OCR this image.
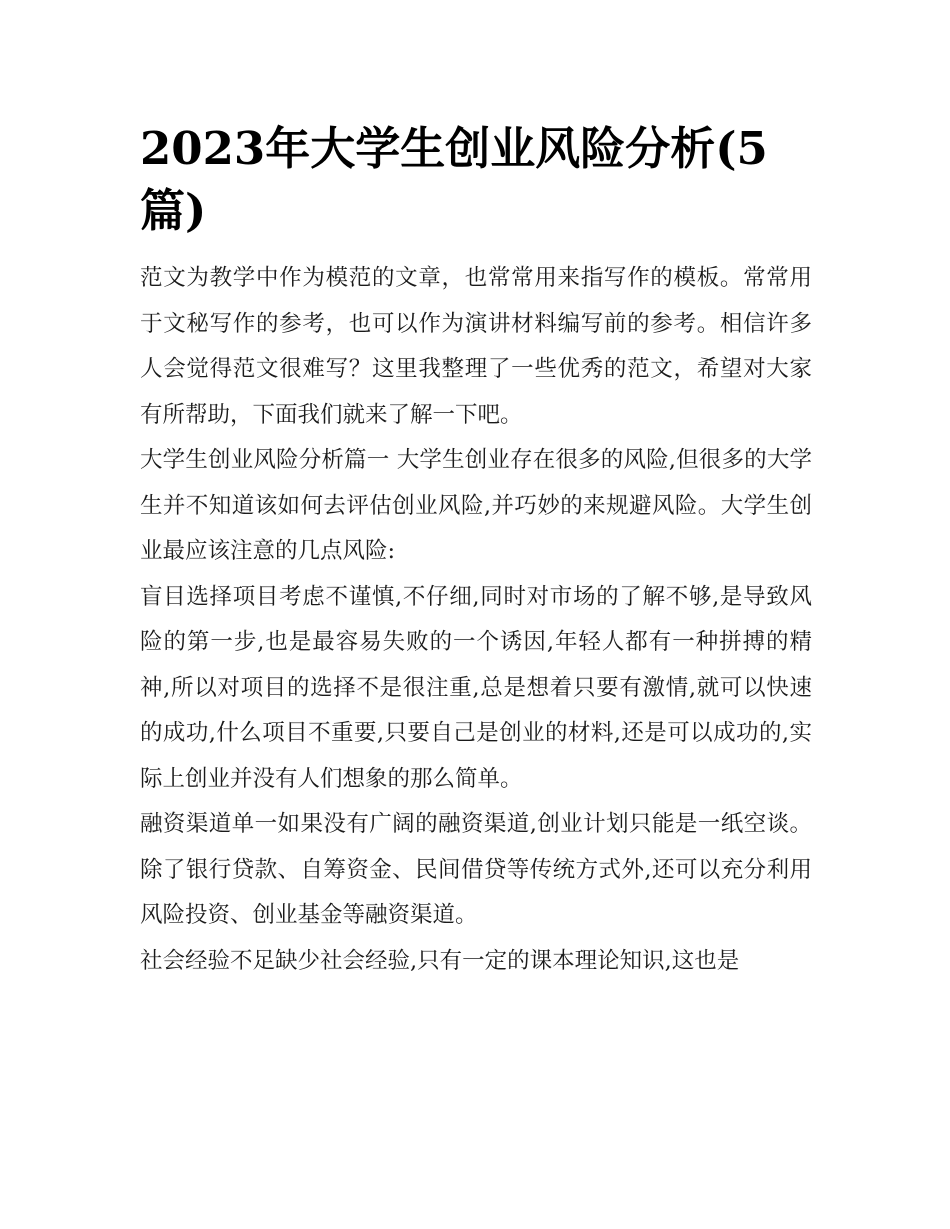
2023年大学生创业风险分析(5篇)

范文为教学中作为模范的文章，也常常用来指写作的模板。常常用于文秘写作的参考，也可以作为演讲材料编写前的参考。相信许多人会觉得范文很难写？这里我整理了一些优秀的范文，希望对大家有所帮助，下面我们就来了解一下吧。

大学生创业风险分析篇一 大学生创业存在很多的风险,但很多的大学生并不知道该如何去评估创业风险,并巧妙的来规避风险。大学生创业最应该注意的几点风险:

盲目选择项目考虑不谨慎,不仔细,同时对市场的了解不够,是导致风险的第一步,也是最容易失败的一个诱因,年轻人都有一种拼搏的精神,所以对项目的选择不是很注重,总是想着只要有激情,就可以快速的成功,什么项目不重要,只要自己是创业的材料,还是可以成功的,实际上创业并没有人们想象的那么简单。

融资渠道单一如果没有广阔的融资渠道,创业计划只能是一纸空谈。除了银行贷款、自筹资金、民间借贷等传统方式外,还可以充分利用风险投资、创业基金等融资渠道。

社会经验不足缺少社会经验,只有一定的课本理论知识,这也是
